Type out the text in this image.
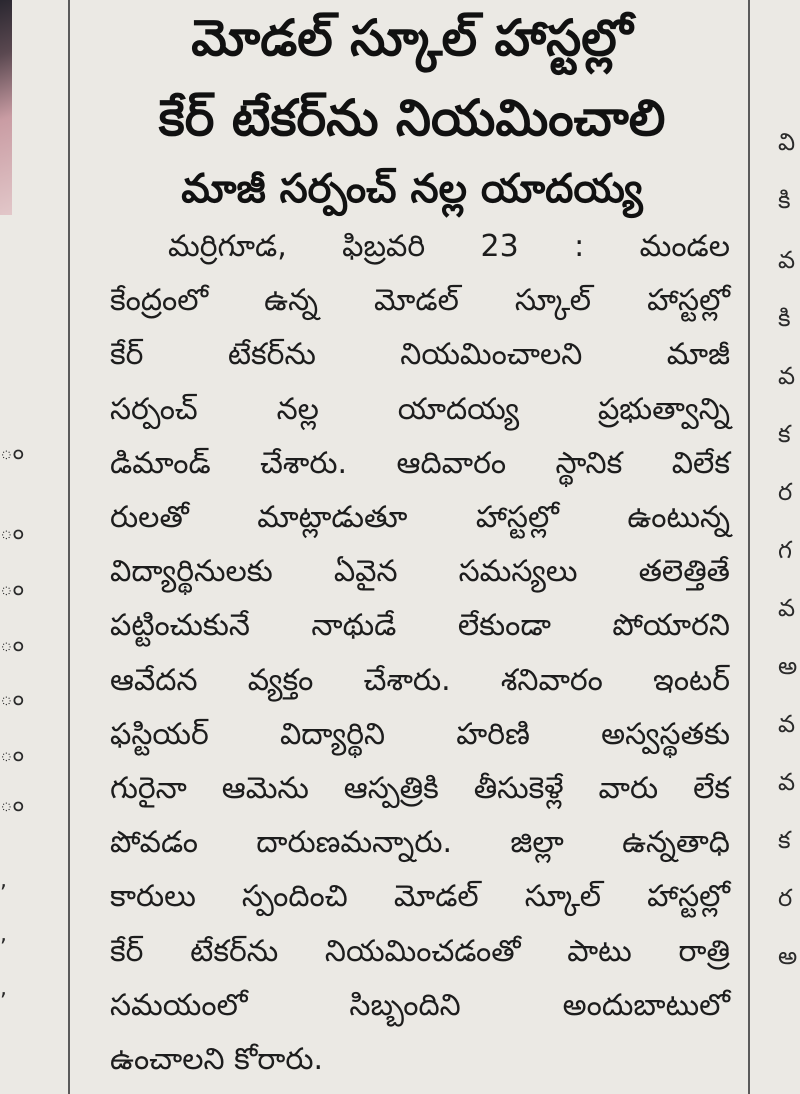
ం
ం
ం
ం
ం
ం
ం
,
,
,
మోడల్ స్కూల్ హాస్టల్లో
కేర్ టేకర్‌ను నియమించాలి
మాజీ సర్పంచ్ నల్ల యాదయ్య
మర్రిగూడ, ఫిబ్రవరి 23 : మండల
కేంద్రంలో ఉన్న మోడల్ స్కూల్ హాస్టల్లో
కేర్ టేకర్‌ను నియమించాలని మాజీ
సర్పంచ్ నల్ల యాదయ్య ప్రభుత్వాన్ని
డిమాండ్ చేశారు. ఆదివారం స్థానిక విలేక
రులతో మాట్లాడుతూ హాస్టల్లో ఉంటున్న
విద్యార్థినులకు ఏవైన సమస్యలు తలెత్తితే
పట్టించుకునే నాథుడే లేకుండా పోయారని
ఆవేదన వ్యక్తం చేశారు. శనివారం ఇంటర్
ఫస్టియర్ విద్యార్థిని హరిణి అస్వస్థతకు
గురైనా ఆమెను ఆస్పత్రికి తీసుకెళ్లే వారు లేక
పోవడం దారుణమన్నారు. జిల్లా ఉన్నతాధి
కారులు స్పందించి మోడల్ స్కూల్ హాస్టల్లో
కేర్ టేకర్‌ను నియమించడంతో పాటు రాత్రి
సమయంలో సిబ్బందిని అందుబాటులో
ఉంచాలని కోరారు.
వి
కి
వ
కి
వ
క
ర
గ
వ
అ
వ
వ
క
ర
అ
